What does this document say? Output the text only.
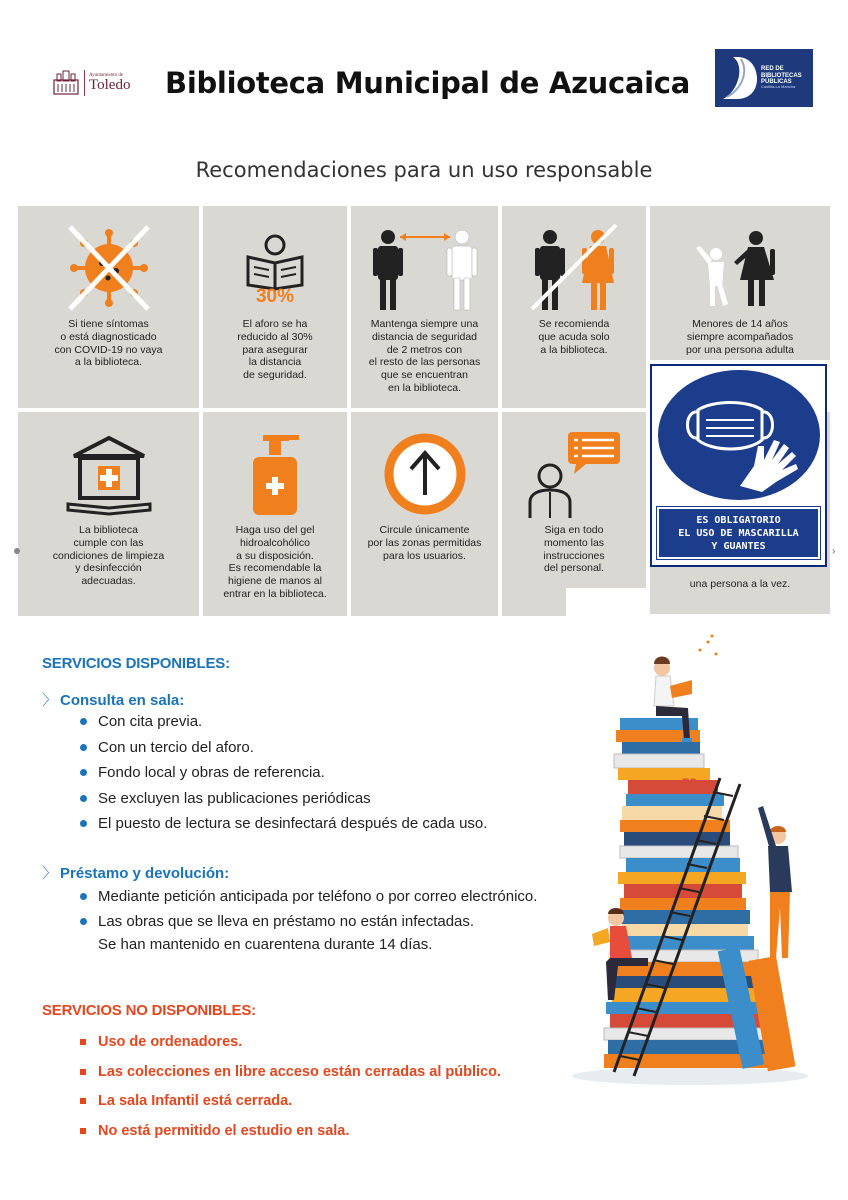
Ayuntamiento de
Toledo	Biblioteca Municipal de Azucaica	RED DE
BIBLIOTECAS
PÚBLICAS
Castilla-La Mancha
Recomendaciones para un uso responsable
Si tiene síntomas
o está diagnosticado
con COVID-19 no vaya
a la biblioteca.
30%
El aforo se ha
reducido al 30%
para asegurar
la distancia
de seguridad.
Mantenga siempre una
distancia de seguridad
de 2 metros con
el resto de las personas
que se encuentran
en la biblioteca.
Se recomienda
que acuda solo
a la biblioteca.
Menores de 14 años
siempre acompañados
por una persona adulta
La biblioteca
cumple con las
condiciones de limpieza
y desinfección
adecuadas.
Haga uso del gel
hidroalcohólico
a su disposición.
Es recomendable la
higiene de manos al
entrar en la biblioteca.
Circule únicamente
por las zonas permitidas
para los usuarios.
Siga en todo
momento las
instrucciones
del personal.
una persona a la vez.
ES OBLIGATORIO
EL USO DE MASCARILLA
Y GUANTES	›
SERVICIOS DISPONIBLES:
〉 Consulta en sala:
Con cita previa.
Con un tercio del aforo.
Fondo local y obras de referencia.
Se excluyen las publicaciones periódicas
El puesto de lectura se desinfectará después de cada uso.
〉 Préstamo y devolución:
Mediante petición anticipada por teléfono o por correo electrónico.
Las obras que se lleva en préstamo no están infectadas.
Se han mantenido en cuarentena durante 14 días.
SERVICIOS NO DISPONIBLES:
Uso de ordenadores.
Las colecciones en libre acceso están cerradas al público.
La sala Infantil está cerrada.
No está permitido el estudio en sala.
ES
